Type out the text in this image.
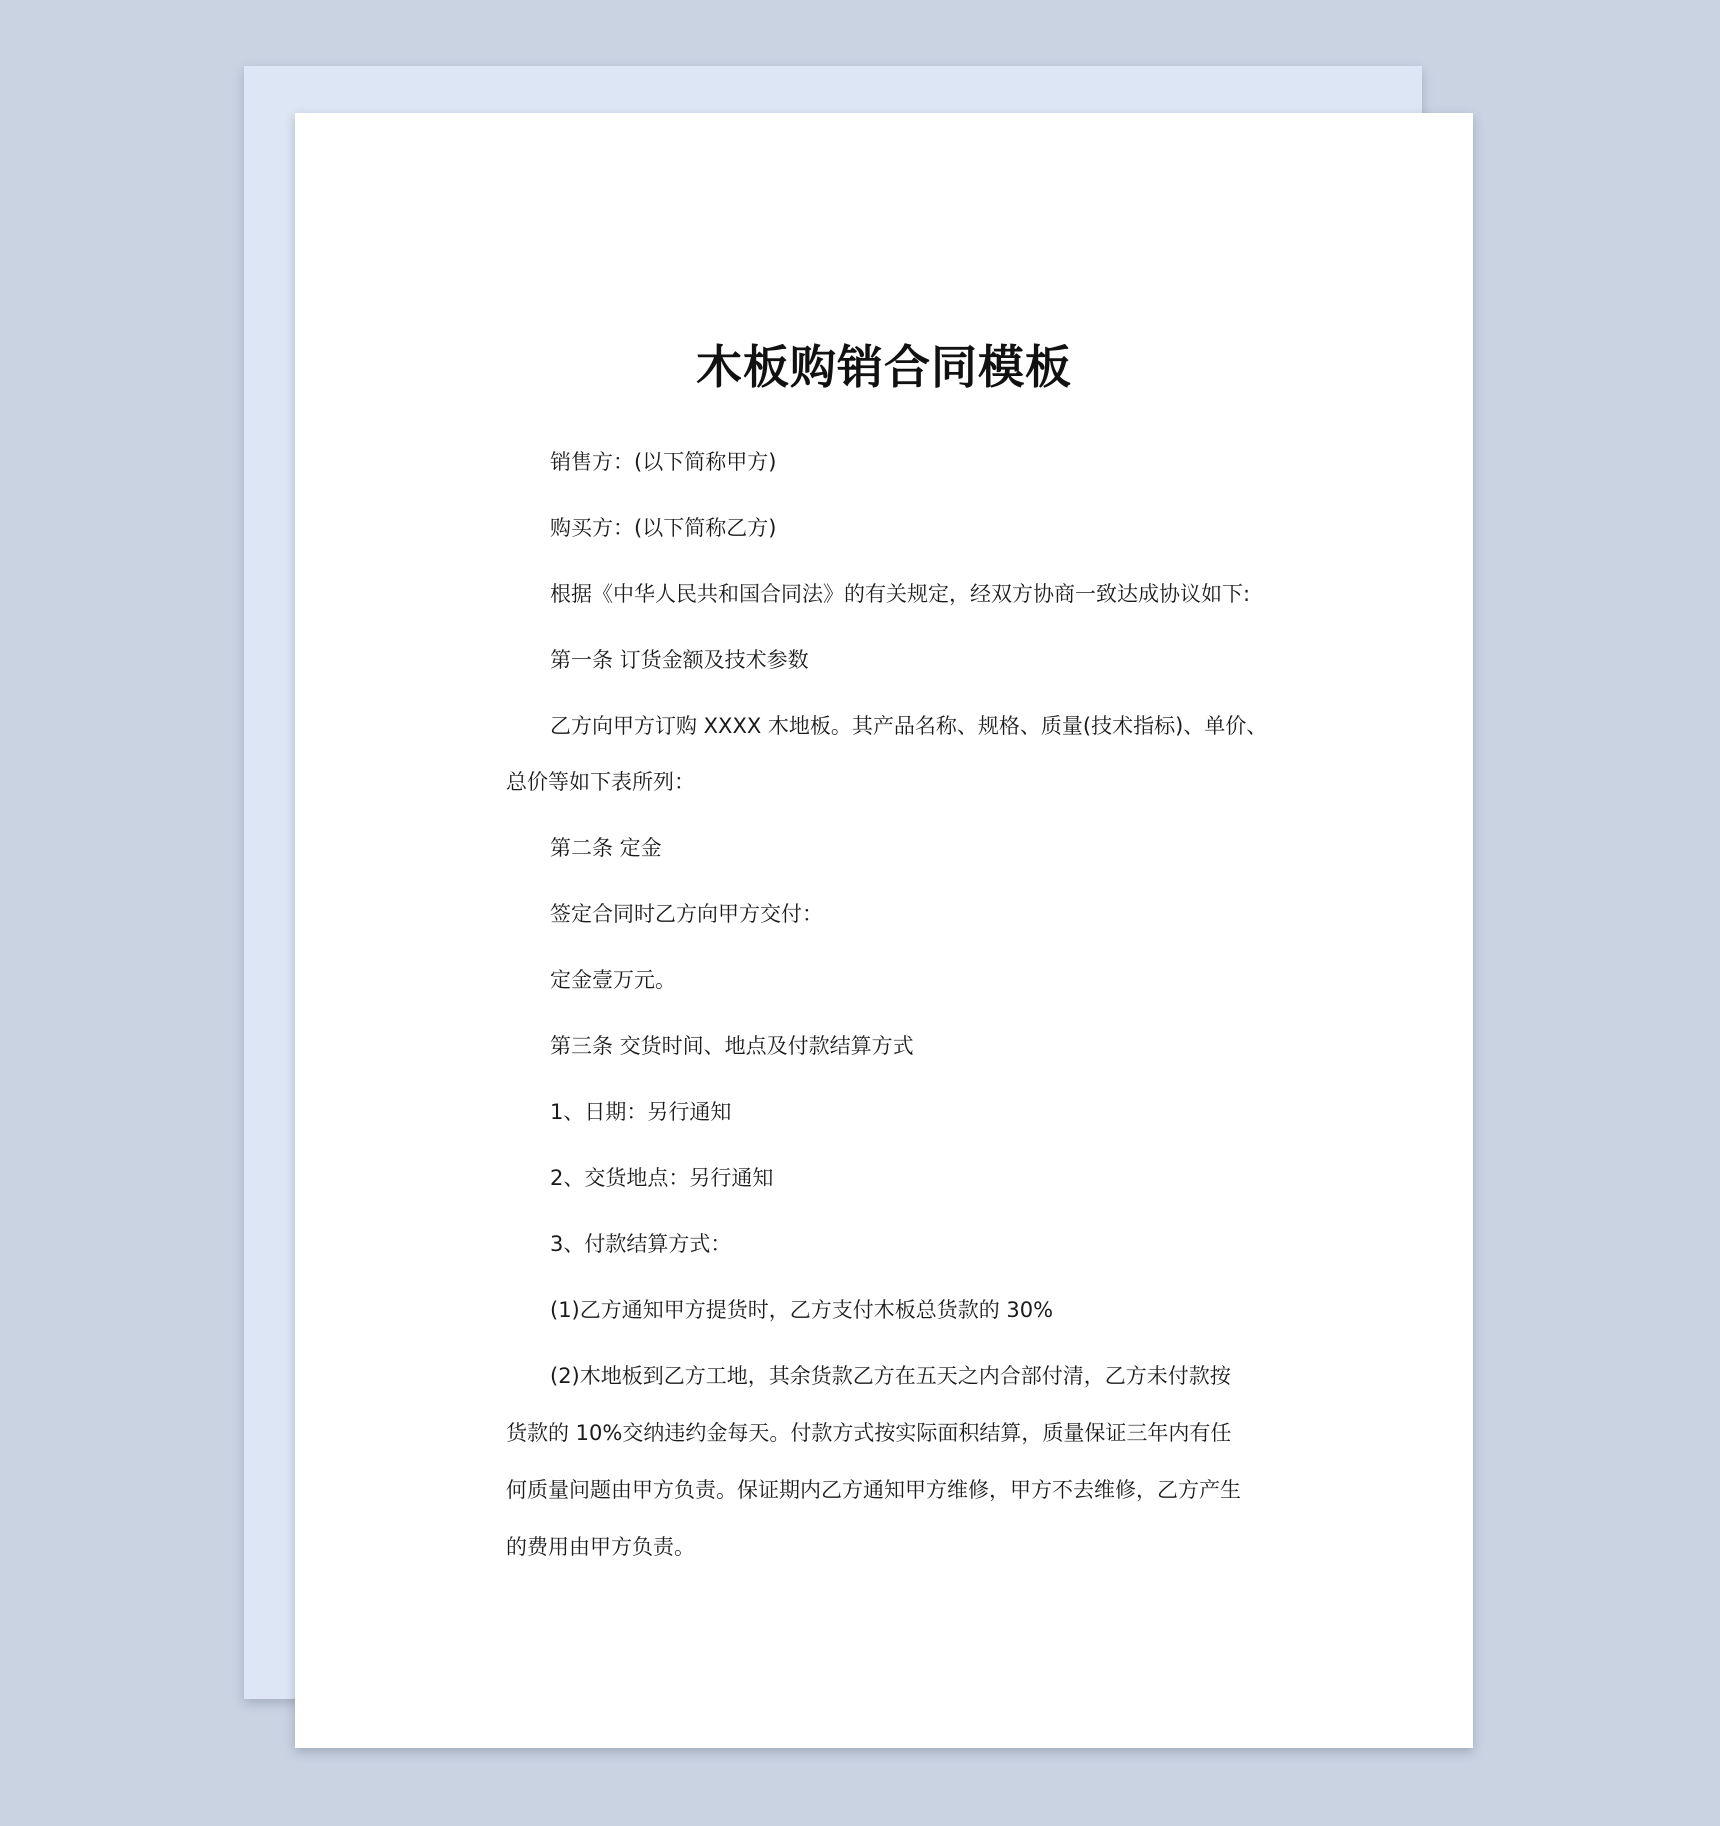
木板购销合同模板

销售方：(以下简称甲方)

购买方：(以下简称乙方)

根据《中华人民共和国合同法》的有关规定，经双方协商一致达成协议如下:

第一条 订货金额及技术参数

乙方向甲方订购 XXXX 木地板。其产品名称、规格、质量(技术指标)、单价、

总价等如下表所列：

第二条 定金

签定合同时乙方向甲方交付：

定金壹万元。

第三条 交货时间、地点及付款结算方式

1、日期：另行通知

2、交货地点：另行通知

3、付款结算方式：

(1)乙方通知甲方提货时，乙方支付木板总货款的 30%

(2)木地板到乙方工地，其余货款乙方在五天之内合部付清，乙方未付款按

货款的 10%交纳违约金每天。付款方式按实际面积结算，质量保证三年内有任

何质量问题由甲方负责。保证期内乙方通知甲方维修，甲方不去维修，乙方产生

的费用由甲方负责。
